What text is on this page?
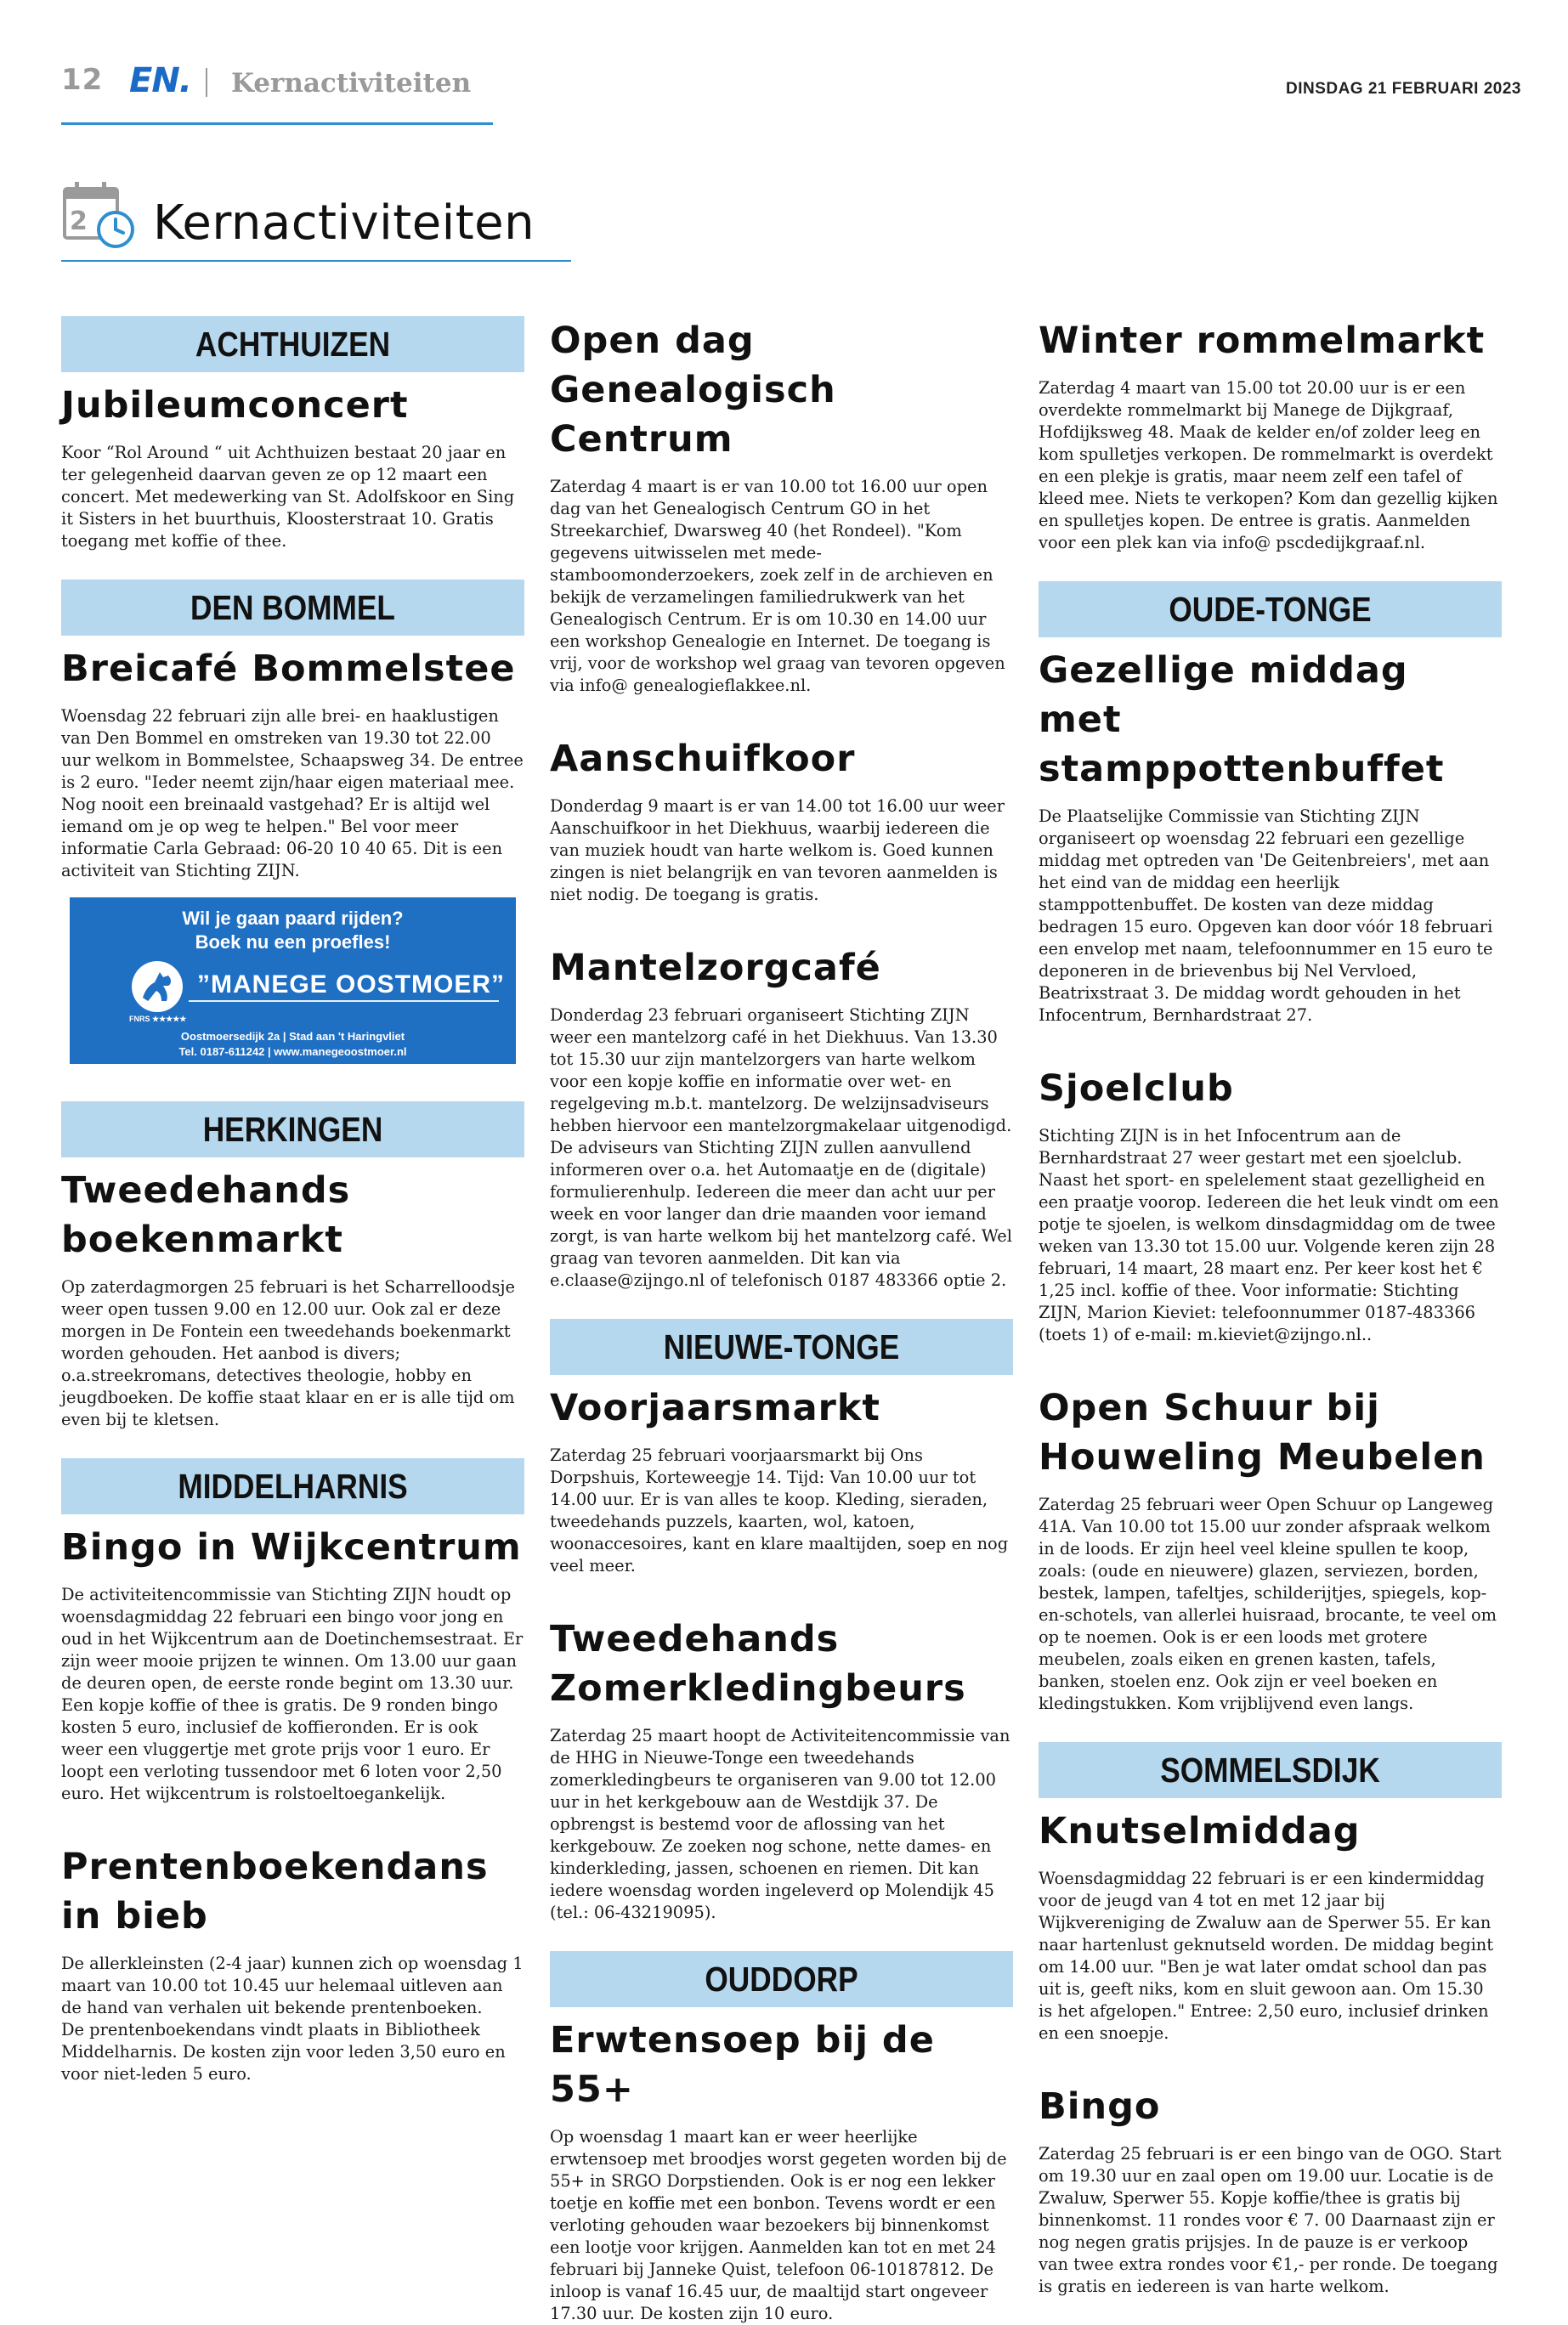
12 EN. Kernactiviteiten	DINSDAG 21 FEBRUARI 2023
2 Kernactiviteiten
ACHTHUIZEN
Jubileumconcert

Koor “Rol Around “ uit Achthuizen bestaat 20 jaar en ter gelegenheid daarvan geven ze op 12 maart een concert. Met medewerking van St. Adolfskoor en Sing it Sisters in het buurthuis, Kloosterstraat 10. Gratis toegang met koffie of thee.

DEN BOMMEL
Breicafé Bommelstee

Woensdag 22 februari zijn alle brei- en haaklustigen van Den Bommel en omstreken van 19.30 tot 22.00 uur welkom in Bommelstee, Schaapsweg 34. De entree is 2 euro. "Ieder neemt zijn/haar eigen materiaal mee. Nog nooit een breinaald vastgehad? Er is altijd wel iemand om je op weg te helpen." Bel voor meer informatie Carla Gebraad: 06-20 10 40 65. Dit is een activiteit van Stichting ZIJN.

Wil je gaan paard rijden?
Boek nu een proefles!
”MANEGE OOSTMOER”
FNRS ★★★★★
Oostmoersedijk 2a | Stad aan 't Haringvliet
Tel. 0187-611242 | www.manegeoostmoer.nl
HERKINGEN
Tweedehands boekenmarkt

Op zaterdagmorgen 25 februari is het Scharrelloodsje weer open tussen 9.00 en 12.00 uur. Ook zal er deze morgen in De Fontein een tweedehands boekenmarkt worden gehouden. Het aanbod is divers; o.a.streekromans, detectives theologie, hobby en jeugdboeken. De koffie staat klaar en er is alle tijd om even bij te kletsen.

MIDDELHARNIS
Bingo in Wijkcentrum

De activiteitencommissie van Stichting ZIJN houdt op woensdagmiddag 22 februari een bingo voor jong en oud in het Wijkcentrum aan de Doetinchemsestraat. Er zijn weer mooie prijzen te winnen. Om 13.00 uur gaan de deuren open, de eerste ronde begint om 13.30 uur. Een kopje koffie of thee is gratis. De 9 ronden bingo kosten 5 euro, inclusief de koffieronden. Er is ook weer een vluggertje met grote prijs voor 1 euro. Er loopt een verloting tussendoor met 6 loten voor 2,50 euro. Het wijkcentrum is rolstoeltoegankelijk.

Prentenboekendans in bieb

De allerkleinsten (2-4 jaar) kunnen zich op woensdag 1 maart van 10.00 tot 10.45 uur helemaal uitleven aan de hand van verhalen uit bekende prentenboeken.

De prentenboekendans vindt plaats in Bibliotheek Middelharnis. De kosten zijn voor leden 3,50 euro en voor niet-leden 5 euro.

Open dag Genealogisch Centrum

Zaterdag 4 maart is er van 10.00 tot 16.00 uur open dag van het Genealogisch Centrum GO in het Streekarchief, Dwarsweg 40 (het Rondeel). "Kom gegevens uitwisselen met mede-stamboomonderzoekers, zoek zelf in de archieven en bekijk de verzamelingen familiedrukwerk van het Genealogisch Centrum. Er is om 10.30 en 14.00 uur een workshop Genealogie en Internet. De toegang is vrij, voor de workshop wel graag van tevoren opgeven via info@ genealogieflakkee.nl.

Aanschuifkoor

Donderdag 9 maart is er van 14.00 tot 16.00 uur weer Aanschuifkoor in het Diekhuus, waarbij iedereen die van muziek houdt van harte welkom is. Goed kunnen zingen is niet belangrijk en van tevoren aanmelden is niet nodig. De toegang is gratis.

Mantelzorgcafé

Donderdag 23 februari organiseert Stichting ZIJN weer een mantelzorg café in het Diekhuus. Van 13.30 tot 15.30 uur zijn mantelzorgers van harte welkom voor een kopje koffie en informatie over wet- en regelgeving m.b.t. mantelzorg. De welzijnsadviseurs hebben hiervoor een mantelzorgmakelaar uitgenodigd. De adviseurs van Stichting ZIJN zullen aanvullend informeren over o.a. het Automaatje en de (digitale) formulierenhulp. Iedereen die meer dan acht uur per week en voor langer dan drie maanden voor iemand zorgt, is van harte welkom bij het mantelzorg café. Wel graag van tevoren aanmelden. Dit kan via e.claase@zijngo.nl of telefonisch 0187 483366 optie 2.

NIEUWE-TONGE
Voorjaarsmarkt

Zaterdag 25 februari voorjaarsmarkt bij Ons Dorpshuis, Korteweegje 14. Tijd: Van 10.00 uur tot 14.00 uur. Er is van alles te koop. Kleding, sieraden, tweedehands puzzels, kaarten, wol, katoen, woonaccesoires, kant en klare maaltijden, soep en nog veel meer.

Tweedehands Zomerkledingbeurs

Zaterdag 25 maart hoopt de Activiteitencommissie van de HHG in Nieuwe-Tonge een tweedehands zomerkledingbeurs te organiseren van 9.00 tot 12.00 uur in het kerkgebouw aan de Westdijk 37. De opbrengst is bestemd voor de aflossing van het kerkgebouw. Ze zoeken nog schone, nette dames- en kinderkleding, jassen, schoenen en riemen. Dit kan iedere woensdag worden ingeleverd op Molendijk 45 (tel.: 06-43219095).

OUDDORP
Erwtensoep bij de 55+

Op woensdag 1 maart kan er weer heerlijke erwtensoep met broodjes worst gegeten worden bij de 55+ in SRGO Dorpstienden. Ook is er nog een lekker toetje en koffie met een bonbon. Tevens wordt er een verloting gehouden waar bezoekers bij binnenkomst een lootje voor krijgen. Aanmelden kan tot en met 24 februari bij Janneke Quist, telefoon 06-10187812. De inloop is vanaf 16.45 uur, de maaltijd start ongeveer 17.30 uur. De kosten zijn 10 euro.

Winter rommelmarkt

Zaterdag 4 maart van 15.00 tot 20.00 uur is er een overdekte rommelmarkt bij Manege de Dijkgraaf, Hofdijksweg 48. Maak de kelder en/of zolder leeg en kom spulletjes verkopen. De rommelmarkt is overdekt en een plekje is gratis, maar neem zelf een tafel of kleed mee. Niets te verkopen? Kom dan gezellig kijken en spulletjes kopen. De entree is gratis. Aanmelden voor een plek kan via info@ pscdedijkgraaf.nl.

OUDE-TONGE
Gezellige middag met stamppottenbuffet

De Plaatselijke Commissie van Stichting ZIJN organiseert op woensdag 22 februari een gezellige middag met optreden van 'De Geitenbreiers', met aan het eind van de middag een heerlijk stamppottenbuffet. De kosten van deze middag bedragen 15 euro. Opgeven kan door vóór 18 februari een envelop met naam, telefoonnummer en 15 euro te deponeren in de brievenbus bij Nel Vervloed, Beatrixstraat 3. De middag wordt gehouden in het Infocentrum, Bernhardstraat 27.

Sjoelclub

Stichting ZIJN is in het Infocentrum aan de Bernhardstraat 27 weer gestart met een sjoelclub. Naast het sport- en spelelement staat gezelligheid en een praatje voorop. Iedereen die het leuk vindt om een potje te sjoelen, is welkom dinsdagmiddag om de twee weken van 13.30 tot 15.00 uur. Volgende keren zijn 28 februari, 14 maart, 28 maart enz. Per keer kost het € 1,25 incl. koffie of thee. Voor informatie: Stichting ZIJN, Marion Kieviet: telefoonnummer 0187-483366 (toets 1) of e-mail: m.kieviet@zijngo.nl..

Open Schuur bij Houweling Meubelen

Zaterdag 25 februari weer Open Schuur op Langeweg 41A. Van 10.00 tot 15.00 uur zonder afspraak welkom in de loods. Er zijn heel veel kleine spullen te koop, zoals: (oude en nieuwere) glazen, serviezen, borden, bestek, lampen, tafeltjes, schilderijtjes, spiegels, kop-en-schotels, van allerlei huisraad, brocante, te veel om op te noemen. Ook is er een loods met grotere meubelen, zoals eiken en grenen kasten, tafels, banken, stoelen enz. Ook zijn er veel boeken en kledingstukken. Kom vrijblijvend even langs.

SOMMELSDIJK
Knutselmiddag

Woensdagmiddag 22 februari is er een kindermiddag voor de jeugd van 4 tot en met 12 jaar bij Wijkvereniging de Zwaluw aan de Sperwer 55. Er kan naar hartenlust geknutseld worden. De middag begint om 14.00 uur. "Ben je wat later omdat school dan pas uit is, geeft niks, kom en sluit gewoon aan. Om 15.30 is het afgelopen." Entree: 2,50 euro, inclusief drinken en een snoepje.

Bingo

Zaterdag 25 februari is er een bingo van de OGO. Start om 19.30 uur en zaal open om 19.00 uur. Locatie is de Zwaluw, Sperwer 55. Kopje koffie/thee is gratis bij binnenkomst. 11 rondes voor € 7. 00 Daarnaast zijn er nog negen gratis prijsjes. In de pauze is er verkoop van twee extra rondes voor €1,- per ronde. De toegang is gratis en iedereen is van harte welkom.
